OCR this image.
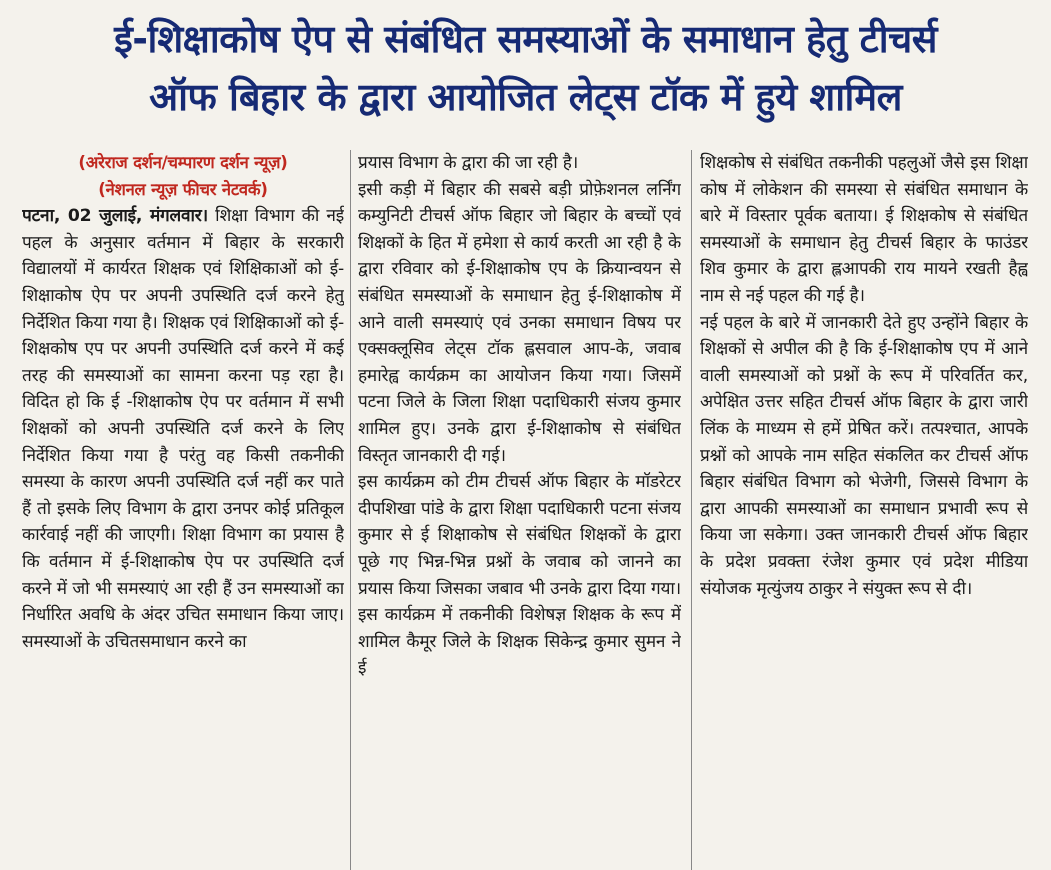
ई-शिक्षाकोष ऐप से संबंधित समस्याओं के समाधान हेतु टीचर्स
ऑफ बिहार के द्वारा आयोजित लेट्स टॉक में हुये शामिल
(अरेराज दर्शन/चम्पारण दर्शन न्यूज़)
(नेशनल न्यूज़ फीचर नेटवर्क)

पटना, 02 जुलाई, मंगलवार। शिक्षा विभाग की नई पहल के अनुसार वर्तमान में बिहार के सरकारी विद्यालयों में कार्यरत शिक्षक एवं शिक्षिकाओं को ई-शिक्षाकोष ऐप पर अपनी उपस्थिति दर्ज करने हेतु निर्देशित किया गया है। शिक्षक एवं शिक्षिकाओं को ई-शिक्षकोष एप पर अपनी उपस्थिति दर्ज करने में कई तरह की समस्याओं का सामना करना पड़ रहा है। विदित हो कि ई -शिक्षाकोष ऐप पर वर्तमान में सभी शिक्षकों को अपनी उपस्थिति दर्ज करने के लिए निर्देशित किया गया है परंतु वह किसी तकनीकी समस्या के कारण अपनी उपस्थिति दर्ज नहीं कर पाते हैं तो इसके लिए विभाग के द्वारा उनपर कोई प्रतिकूल कार्रवाई नहीं की जाएगी। शिक्षा विभाग का प्रयास है कि वर्तमान में ई-शिक्षाकोष ऐप पर उपस्थिति दर्ज करने में जो भी समस्याएं आ रही हैं उन समस्याओं का निर्धारित अवधि के अंदर उचित समाधान किया जाए। समस्याओं के उचितसमाधान करने का

प्रयास विभाग के द्वारा की जा रही है।

इसी कड़ी में बिहार की सबसे बड़ी प्रोफ़ेशनल लर्निंग कम्युनिटी टीचर्स ऑफ बिहार जो बिहार के बच्चों एवं शिक्षकों के हित में हमेशा से कार्य करती आ रही है के द्वारा रविवार को ई-शिक्षाकोष एप के क्रियान्वयन से संबंधित समस्याओं के समाधान हेतु ई-शिक्षाकोष में आने वाली समस्याएं एवं उनका समाधान विषय पर एक्सक्लूसिव लेट्स टॉक ह्लसवाल आप-के, जवाब हमारेह्व कार्यक्रम का आयोजन किया गया। जिसमें पटना जिले के जिला शिक्षा पदाधिकारी संजय कुमार शामिल हुए। उनके द्वारा ई-शिक्षाकोष से संबंधित विस्तृत जानकारी दी गई।

इस कार्यक्रम को टीम टीचर्स ऑफ बिहार के मॉडरेटर दीपशिखा पांडे के द्वारा शिक्षा पदाधिकारी पटना संजय कुमार से ई शिक्षाकोष से संबंधित शिक्षकों के द्वारा पूछे गए भिन्न-भिन्न प्रश्नों के जवाब को जानने का प्रयास किया जिसका जबाव भी उनके द्वारा दिया गया। इस कार्यक्रम में तकनीकी विशेषज्ञ शिक्षक के रूप में शामिल कैमूर जिले के शिक्षक सिकेन्द्र कुमार सुमन ने ई

शिक्षकोष से संबंधित तकनीकी पहलुओं जैसे इस शिक्षा कोष में लोकेशन की समस्या से संबंधित समाधान के बारे में विस्तार पूर्वक बताया। ई शिक्षकोष से संबंधित समस्याओं के समाधान हेतु टीचर्स बिहार के फाउंडर शिव कुमार के द्वारा ह्लआपकी राय मायने रखती हैह्व नाम से नई पहल की गई है।

नई पहल के बारे में जानकारी देते हुए उन्होंने बिहार के शिक्षकों से अपील की है कि ई-शिक्षाकोष एप में आने वाली समस्याओं को प्रश्नों के रूप में परिवर्तित कर, अपेक्षित उत्तर सहित टीचर्स ऑफ बिहार के द्वारा जारी लिंक के माध्यम से हमें प्रेषित करें। तत्पश्चात, आपके प्रश्नों को आपके नाम सहित संकलित कर टीचर्स ऑफ बिहार संबंधित विभाग को भेजेगी, जिससे विभाग के द्वारा आपकी समस्याओं का समाधान प्रभावी रूप से किया जा सकेगा। उक्त जानकारी टीचर्स ऑफ बिहार के प्रदेश प्रवक्ता रंजेश कुमार एवं प्रदेश मीडिया संयोजक मृत्युंजय ठाकुर ने संयुक्त रूप से दी।
